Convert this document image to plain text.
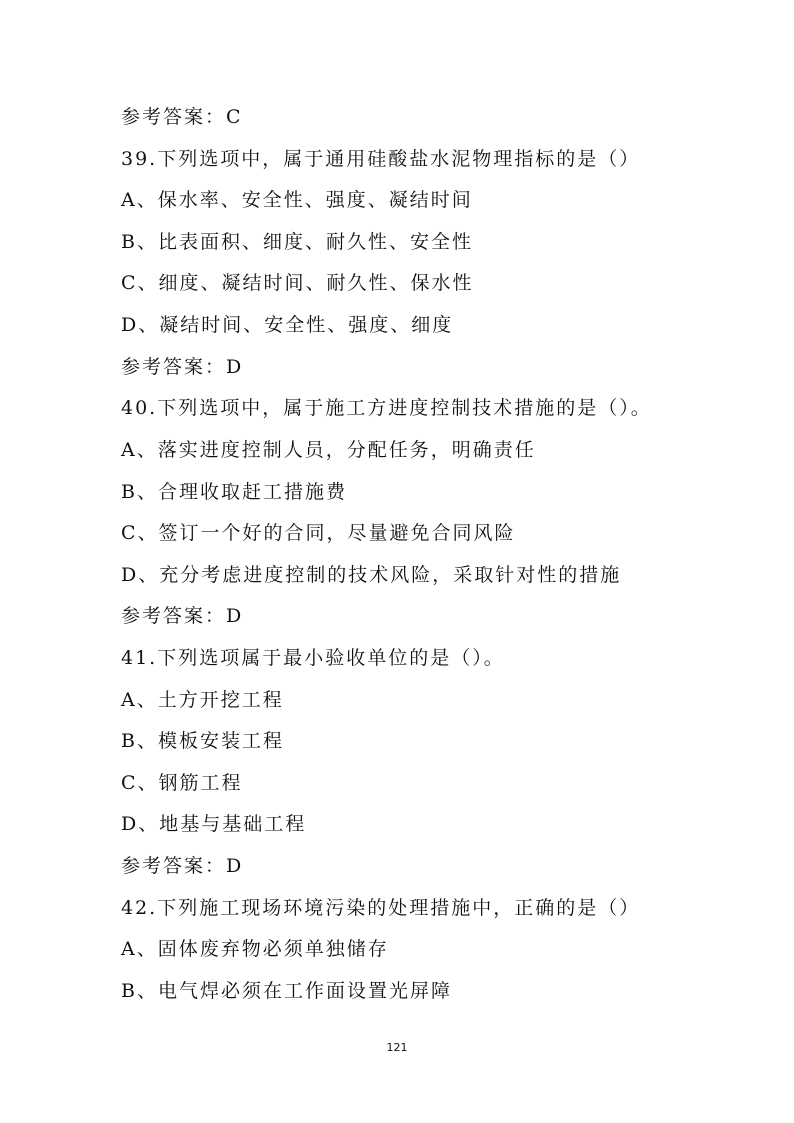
参考答案：C
39.下列选项中，属于通用硅酸盐水泥物理指标的是（）
A、保水率、安全性、强度、凝结时间
B、比表面积、细度、耐久性、安全性
C、细度、凝结时间、耐久性、保水性
D、凝结时间、安全性、强度、细度
参考答案：D
40.下列选项中，属于施工方进度控制技术措施的是（）。
A、落实进度控制人员，分配任务，明确责任
B、合理收取赶工措施费
C、签订一个好的合同，尽量避免合同风险
D、充分考虑进度控制的技术风险，采取针对性的措施
参考答案：D
41.下列选项属于最小验收单位的是（）。
A、土方开挖工程
B、模板安装工程
C、钢筋工程
D、地基与基础工程
参考答案：D
42.下列施工现场环境污染的处理措施中，正确的是（）
A、固体废弃物必须单独储存
B、电气焊必须在工作面设置光屏障
121
